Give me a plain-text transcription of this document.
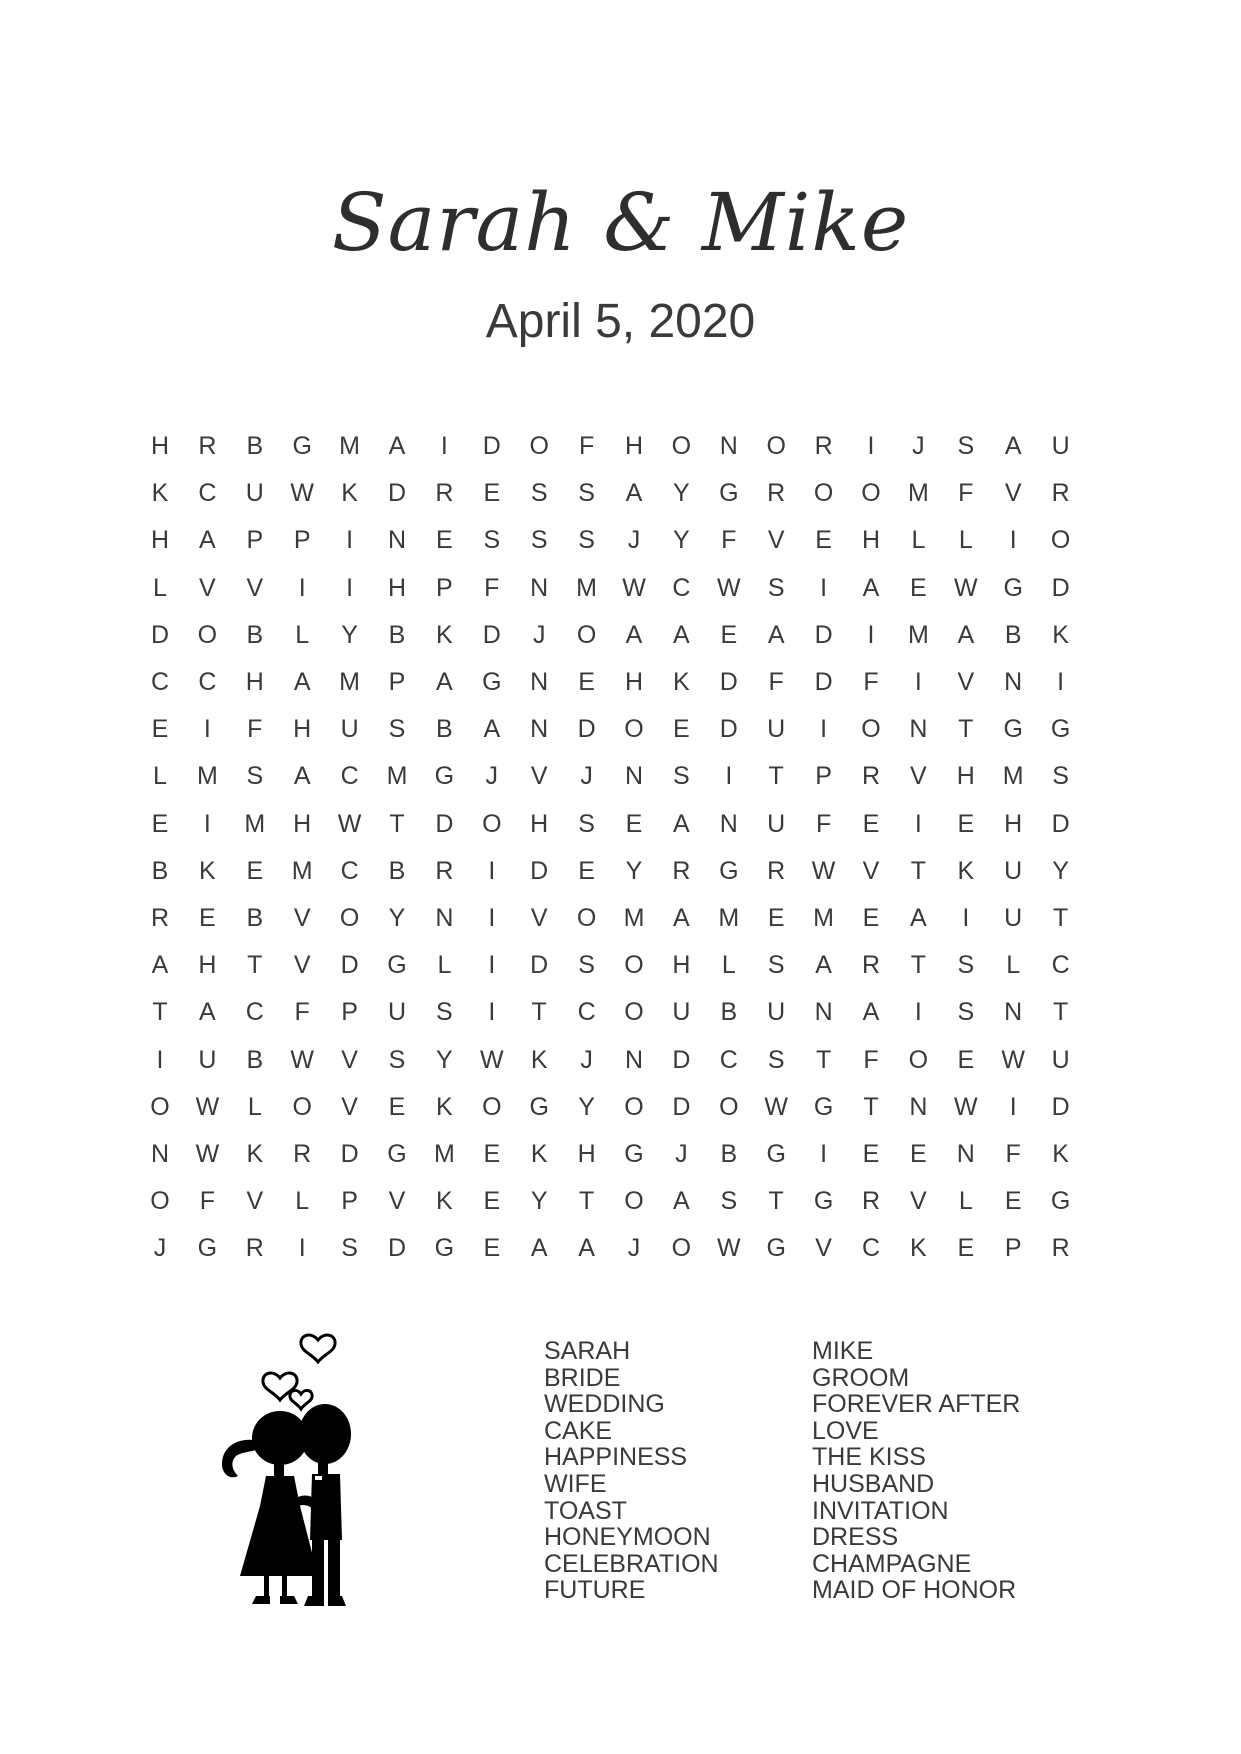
Sarah & Mike
April 5, 2020
H	R	B	G	M	A	I	D	O	F	H	O	N	O	R	I	J	S	A	U
K	C	U	W	K	D	R	E	S	S	A	Y	G	R	O	O	M	F	V	R
H	A	P	P	I	N	E	S	S	S	J	Y	F	V	E	H	L	L	I	O
L	V	V	I	I	H	P	F	N	M	W	C	W	S	I	A	E	W	G	D
D	O	B	L	Y	B	K	D	J	O	A	A	E	A	D	I	M	A	B	K
C	C	H	A	M	P	A	G	N	E	H	K	D	F	D	F	I	V	N	I
E	I	F	H	U	S	B	A	N	D	O	E	D	U	I	O	N	T	G	G
L	M	S	A	C	M	G	J	V	J	N	S	I	T	P	R	V	H	M	S
E	I	M	H	W	T	D	O	H	S	E	A	N	U	F	E	I	E	H	D
B	K	E	M	C	B	R	I	D	E	Y	R	G	R	W	V	T	K	U	Y
R	E	B	V	O	Y	N	I	V	O	M	A	M	E	M	E	A	I	U	T
A	H	T	V	D	G	L	I	D	S	O	H	L	S	A	R	T	S	L	C
T	A	C	F	P	U	S	I	T	C	O	U	B	U	N	A	I	S	N	T
I	U	B	W	V	S	Y	W	K	J	N	D	C	S	T	F	O	E	W	U
O	W	L	O	V	E	K	O	G	Y	O	D	O	W	G	T	N	W	I	D
N	W	K	R	D	G	M	E	K	H	G	J	B	G	I	E	E	N	F	K
O	F	V	L	P	V	K	E	Y	T	O	A	S	T	G	R	V	L	E	G
J	G	R	I	S	D	G	E	A	A	J	O	W	G	V	C	K	E	P	R
SARAH
BRIDE
WEDDING
CAKE
HAPPINESS
WIFE
TOAST
HONEYMOON
CELEBRATION
FUTURE
MIKE
GROOM
FOREVER AFTER
LOVE
THE KISS
HUSBAND
INVITATION
DRESS
CHAMPAGNE
MAID OF HONOR
